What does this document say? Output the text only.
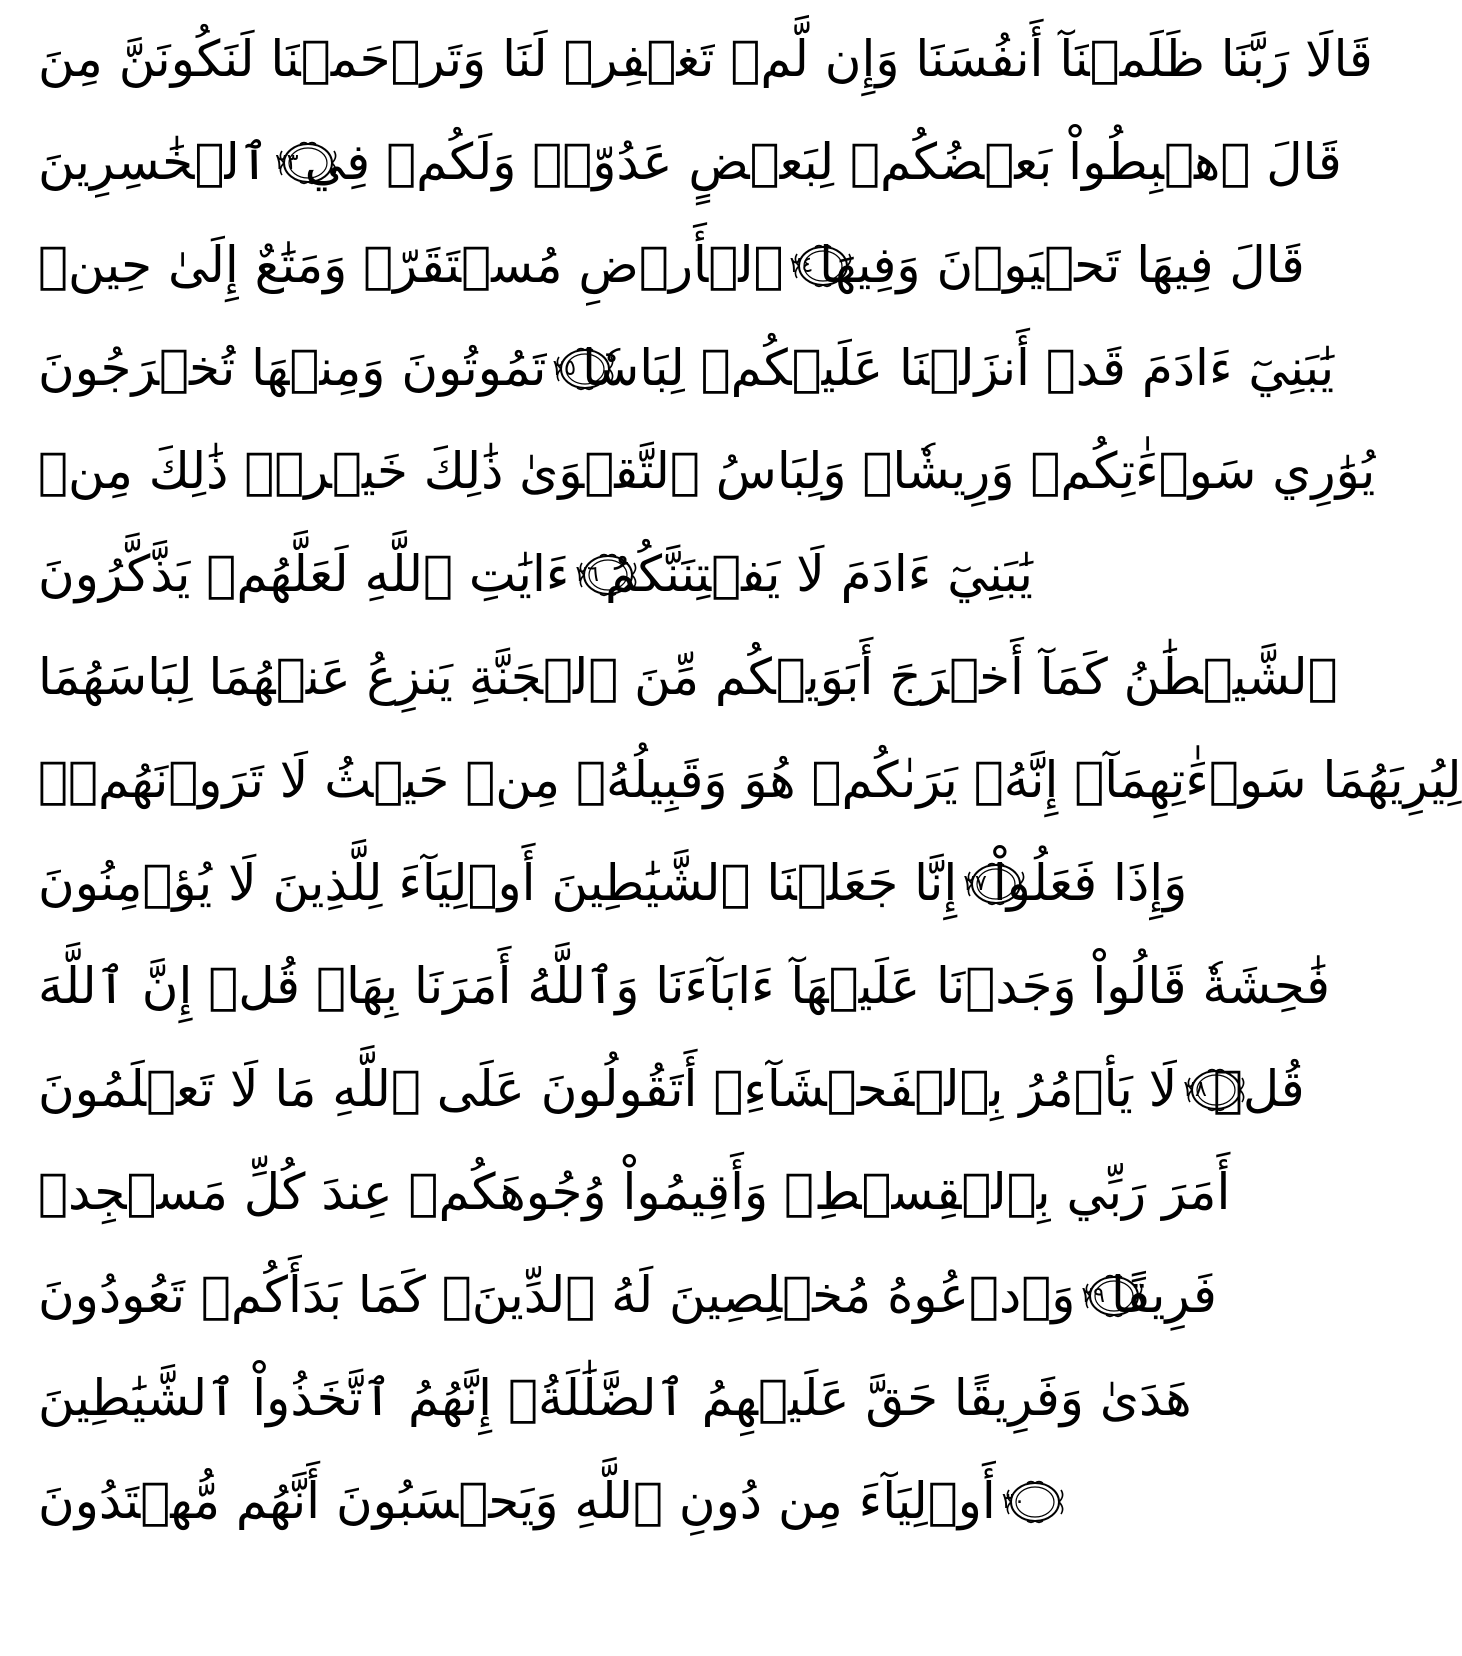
قَالَا رَبَّنَا ظَلَمۡنَآ أَنفُسَنَا وَإِن لَّمۡ تَغۡفِرۡ لَنَا وَتَرۡحَمۡنَا لَنَكُونَنَّ مِنَ
ٱلۡخَٰسِرِينَ ٢٣ قَالَ ٱهۡبِطُواْ بَعۡضُكُمۡ لِبَعۡضٍ عَدُوّٞۖ وَلَكُمۡ فِي
ٱلۡأَرۡضِ مُسۡتَقَرّٞ وَمَتَٰعٌ إِلَىٰ حِينٖ ٢٤ قَالَ فِيهَا تَحۡيَوۡنَ وَفِيهَا
تَمُوتُونَ وَمِنۡهَا تُخۡرَجُونَ ٢٥ يَٰبَنِيٓ ءَادَمَ قَدۡ أَنزَلۡنَا عَلَيۡكُمۡ لِبَاسٗا
يُوَٰرِي سَوۡءَٰتِكُمۡ وَرِيشٗاۖ وَلِبَاسُ ٱلتَّقۡوَىٰ ذَٰلِكَ خَيۡرٞۚ ذَٰلِكَ مِنۡ
ءَايَٰتِ ٱللَّهِ لَعَلَّهُمۡ يَذَّكَّرُونَ ٢٦ يَٰبَنِيٓ ءَادَمَ لَا يَفۡتِنَنَّكُمُ
ٱلشَّيۡطَٰنُ كَمَآ أَخۡرَجَ أَبَوَيۡكُم مِّنَ ٱلۡجَنَّةِ يَنزِعُ عَنۡهُمَا لِبَاسَهُمَا
لِيُرِيَهُمَا سَوۡءَٰتِهِمَآۚ إِنَّهُۥ يَرَىٰكُمۡ هُوَ وَقَبِيلُهُۥ مِنۡ حَيۡثُ لَا تَرَوۡنَهُمۡۗ
إِنَّا جَعَلۡنَا ٱلشَّيَٰطِينَ أَوۡلِيَآءَ لِلَّذِينَ لَا يُؤۡمِنُونَ ٢٧ وَإِذَا فَعَلُواْ
فَٰحِشَةٗ قَالُواْ وَجَدۡنَا عَلَيۡهَآ ءَابَآءَنَا وَٱللَّهُ أَمَرَنَا بِهَاۗ قُلۡ إِنَّ ٱللَّهَ
لَا يَأۡمُرُ بِٱلۡفَحۡشَآءِۖ أَتَقُولُونَ عَلَى ٱللَّهِ مَا لَا تَعۡلَمُونَ ٢٨ قُلۡ
أَمَرَ رَبِّي بِٱلۡقِسۡطِۖ وَأَقِيمُواْ وُجُوهَكُمۡ عِندَ كُلِّ مَسۡجِدٖ
وَٱدۡعُوهُ مُخۡلِصِينَ لَهُ ٱلدِّينَۚ كَمَا بَدَأَكُمۡ تَعُودُونَ ٢٩ فَرِيقًا
هَدَىٰ وَفَرِيقًا حَقَّ عَلَيۡهِمُ ٱلضَّلَٰلَةُۚ إِنَّهُمُ ٱتَّخَذُواْ ٱلشَّيَٰطِينَ
أَوۡلِيَآءَ مِن دُونِ ٱللَّهِ وَيَحۡسَبُونَ أَنَّهُم مُّهۡتَدُونَ ٣٠
